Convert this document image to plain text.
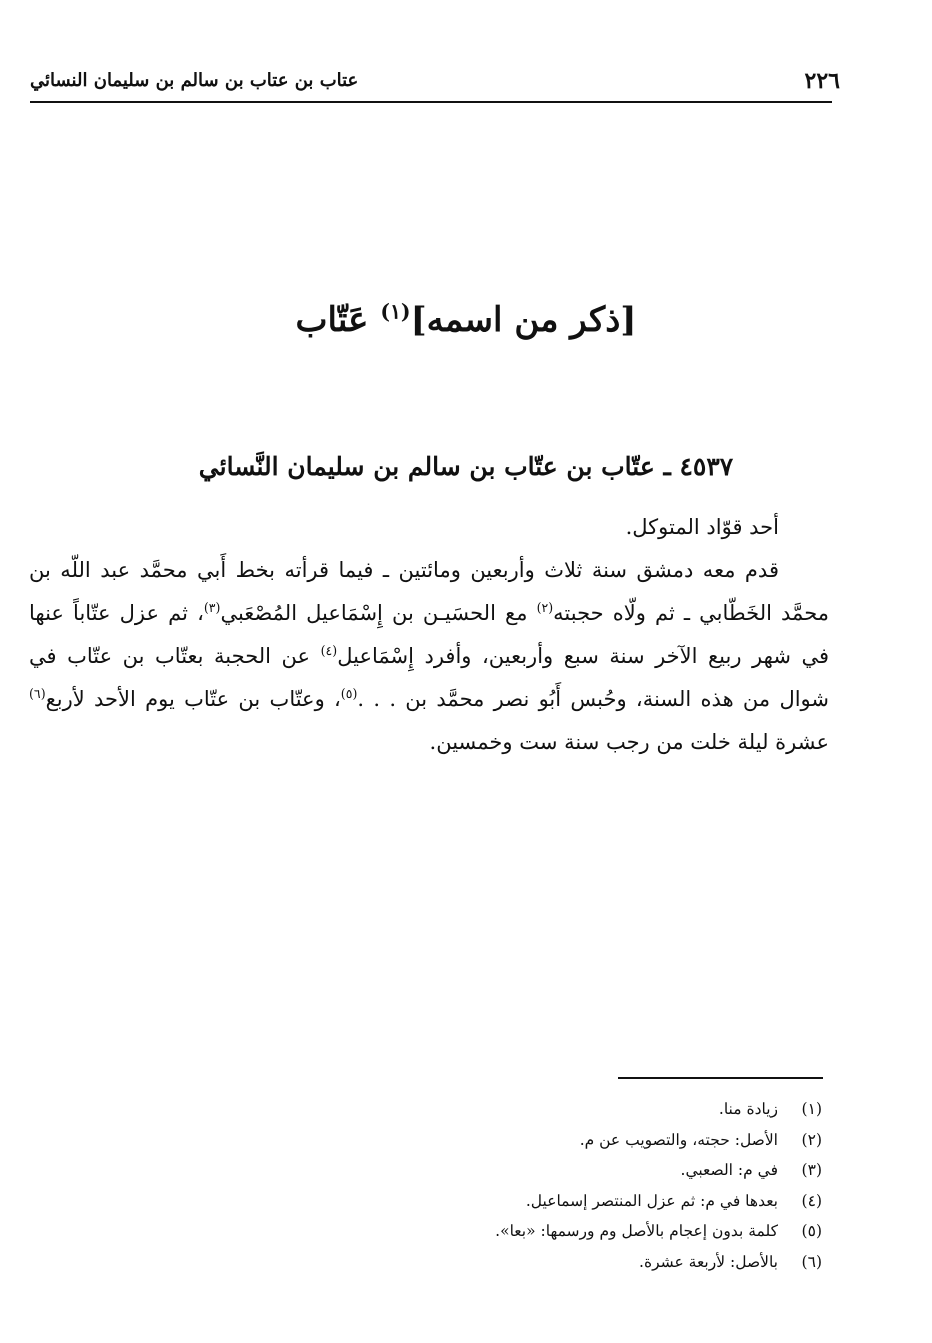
٢٢٦
عتاب بن عتاب بن سالم بن سليمان النسائي
[ذكر من اسمه]$^{(١)}$ عَتّاب
٤٥٣٧ ـ عتّاب بن عتّاب بن سالم بن سليمان النَّسائي

أحد قوّاد المتوكل.

قدم معه دمشق سنة ثلاث وأربعين ومائتين ـ فيما قرأته بخط أَبي محمَّد عبد اللّه بن محمَّد الخَطّابي ـ ثم ولّاه حجبته$^{(٢)}$ مع الحسَيـن بن إِسْمَاعيل المُصْعَبي$^{(٣)}$، ثم عزل عتّاباً عنها في شهر ربيع الآخر سنة سبع وأربعين، وأفرد إِسْمَاعيل$^{(٤)}$ عن الحجبة بعتّاب بن عتّاب في شوال من هذه السنة، وحُبس أَبُو نصر محمَّد بن . . .$^{(٥)}$، وعتّاب بن عتّاب يوم الأحد لأربع$^{(٦)}$ عشرة ليلة خلت من رجب سنة ست وخمسين.

(١)زيادة منا.
(٢)الأصل: حجته، والتصويب عن م.
(٣)في م: الصعبي.
(٤)بعدها في م: ثم عزل المنتصر إسماعيل.
(٥)كلمة بدون إعجام بالأصل وم ورسمها: «بعا».
(٦)بالأصل: لأربعة عشرة.
